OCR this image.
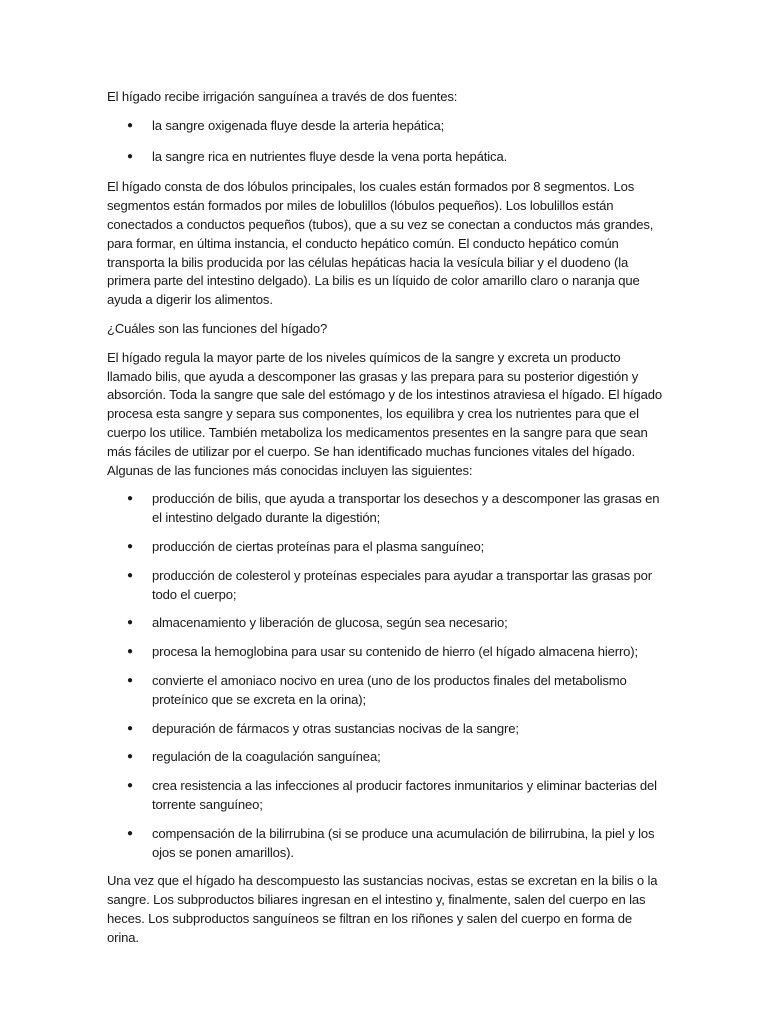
El hígado recibe irrigación sanguínea a través de dos fuentes:

● la sangre oxigenada fluye desde la arteria hepática;
● la sangre rica en nutrientes fluye desde la vena porta hepática.

El hígado consta de dos lóbulos principales, los cuales están formados por 8 segmentos. Los segmentos están formados por miles de lobulillos (lóbulos pequeños). Los lobulillos están conectados a conductos pequeños (tubos), que a su vez se conectan a conductos más grandes, para formar, en última instancia, el conducto hepático común. El conducto hepático común transporta la bilis producida por las células hepáticas hacia la vesícula biliar y el duodeno (la primera parte del intestino delgado). La bilis es un líquido de color amarillo claro o naranja que ayuda a digerir los alimentos.

¿Cuáles son las funciones del hígado?

El hígado regula la mayor parte de los niveles químicos de la sangre y excreta un producto llamado bilis, que ayuda a descomponer las grasas y las prepara para su posterior digestión y absorción. Toda la sangre que sale del estómago y de los intestinos atraviesa el hígado. El hígado procesa esta sangre y separa sus componentes, los equilibra y crea los nutrientes para que el cuerpo los utilice. También metaboliza los medicamentos presentes en la sangre para que sean más fáciles de utilizar por el cuerpo. Se han identificado muchas funciones vitales del hígado. Algunas de las funciones más conocidas incluyen las siguientes:

● producción de bilis, que ayuda a transportar los desechos y a descomponer las grasas en el intestino delgado durante la digestión;
● producción de ciertas proteínas para el plasma sanguíneo;
● producción de colesterol y proteínas especiales para ayudar a transportar las grasas por todo el cuerpo;
● almacenamiento y liberación de glucosa, según sea necesario;
● procesa la hemoglobina para usar su contenido de hierro (el hígado almacena hierro);
● convierte el amoniaco nocivo en urea (uno de los productos finales del metabolismo proteínico que se excreta en la orina);
● depuración de fármacos y otras sustancias nocivas de la sangre;
● regulación de la coagulación sanguínea;
● crea resistencia a las infecciones al producir factores inmunitarios y eliminar bacterias del torrente sanguíneo;
● compensación de la bilirrubina (si se produce una acumulación de bilirrubina, la piel y los ojos se ponen amarillos).

Una vez que el hígado ha descompuesto las sustancias nocivas, estas se excretan en la bilis o la sangre. Los subproductos biliares ingresan en el intestino y, finalmente, salen del cuerpo en las heces. Los subproductos sanguíneos se filtran en los riñones y salen del cuerpo en forma de orina.
